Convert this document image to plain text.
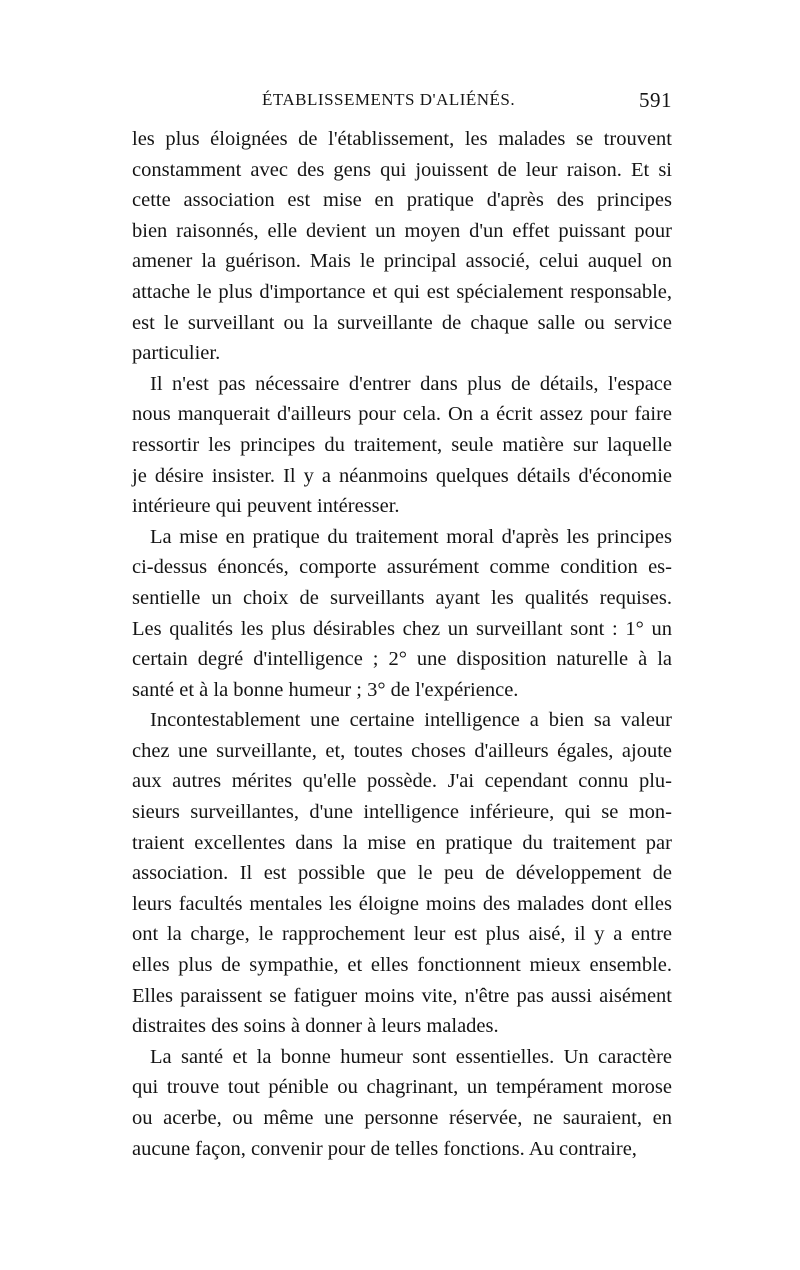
ÉTABLISSEMENTS D'ALIÉNÉS.	591
les plus éloignées de l'établissement, les malades se trouvent
constamment avec des gens qui jouissent de leur raison. Et si
cette association est mise en pratique d'après des principes
bien raisonnés, elle devient un moyen d'un effet puissant pour
amener la guérison. Mais le principal associé, celui auquel on
attache le plus d'importance et qui est spécialement responsable,
est le surveillant ou la surveillante de chaque salle ou service
particulier.
Il n'est pas nécessaire d'entrer dans plus de détails, l'espace
nous manquerait d'ailleurs pour cela. On a écrit assez pour faire
ressortir les principes du traitement, seule matière sur laquelle
je désire insister. Il y a néanmoins quelques détails d'économie
intérieure qui peuvent intéresser.
La mise en pratique du traitement moral d'après les principes
ci-dessus énoncés, comporte assurément comme condition es-
sentielle un choix de surveillants ayant les qualités requises.
Les qualités les plus désirables chez un surveillant sont : 1° un
certain degré d'intelligence ; 2° une disposition naturelle à la
santé et à la bonne humeur ; 3° de l'expérience.
Incontestablement une certaine intelligence a bien sa valeur
chez une surveillante, et, toutes choses d'ailleurs égales, ajoute
aux autres mérites qu'elle possède. J'ai cependant connu plu-
sieurs surveillantes, d'une intelligence inférieure, qui se mon-
traient excellentes dans la mise en pratique du traitement par
association. Il est possible que le peu de développement de
leurs facultés mentales les éloigne moins des malades dont elles
ont la charge, le rapprochement leur est plus aisé, il y a entre
elles plus de sympathie, et elles fonctionnent mieux ensemble.
Elles paraissent se fatiguer moins vite, n'être pas aussi aisément
distraites des soins à donner à leurs malades.
La santé et la bonne humeur sont essentielles. Un caractère
qui trouve tout pénible ou chagrinant, un tempérament morose
ou acerbe, ou même une personne réservée, ne sauraient, en
aucune façon, convenir pour de telles fonctions. Au contraire,
